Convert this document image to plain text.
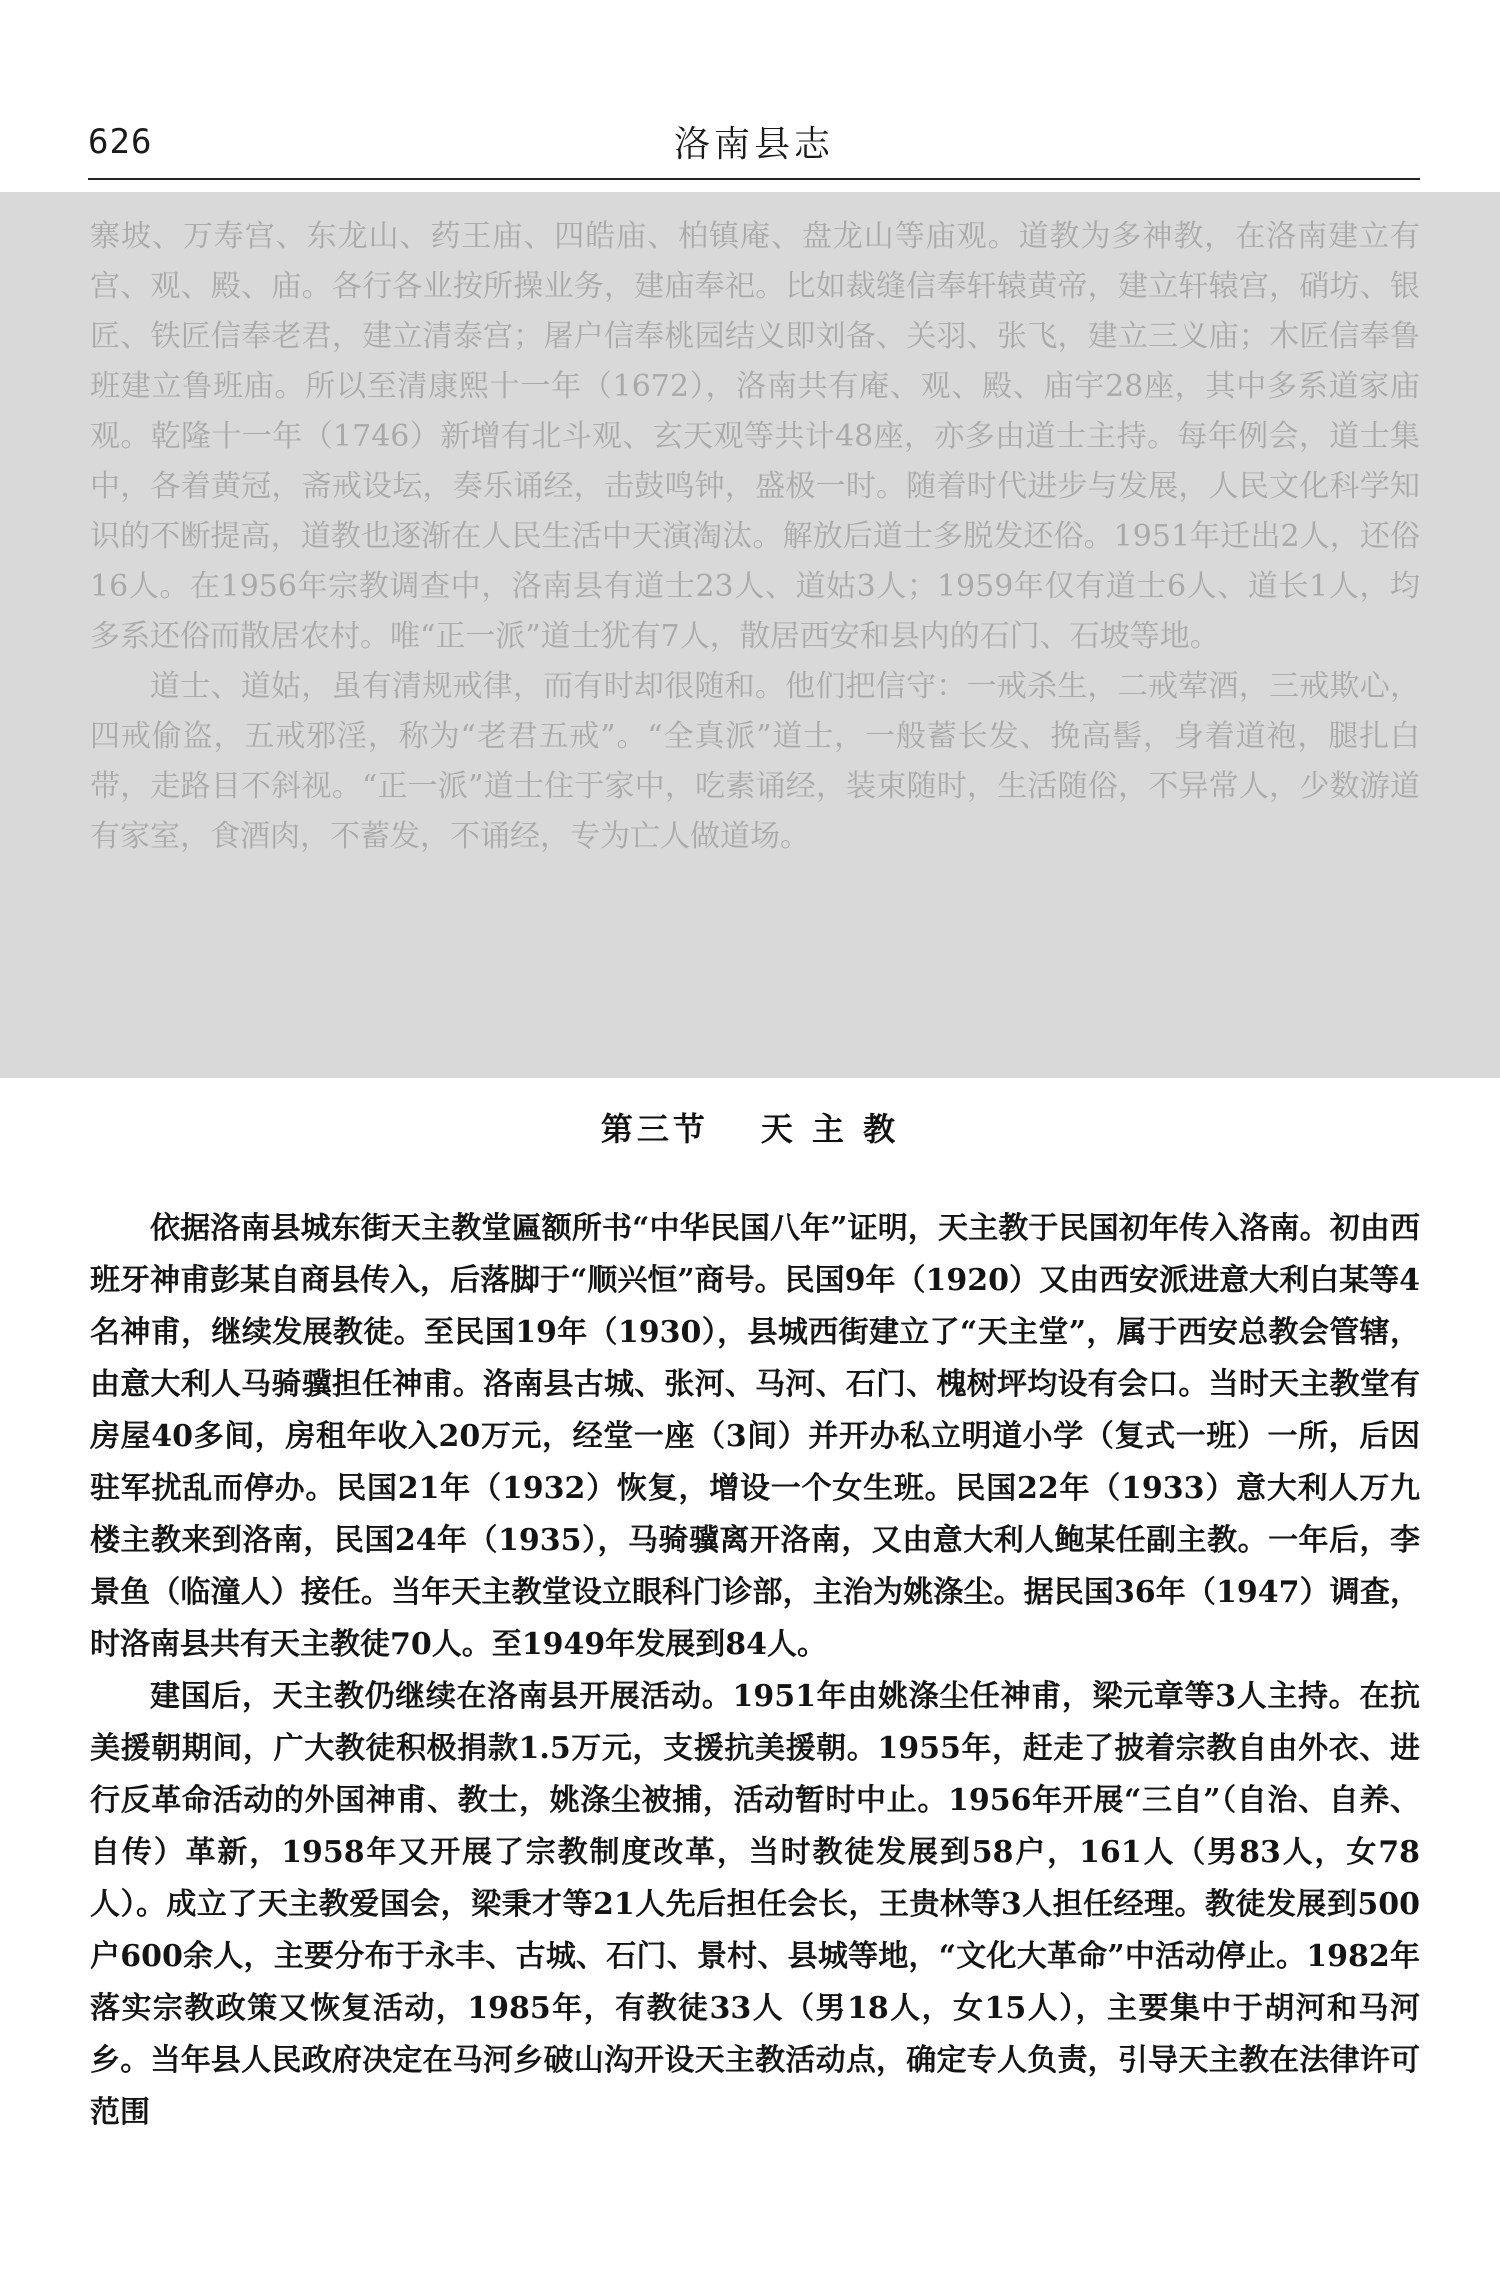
626	洛南县志

寨坡、万寿宫、东龙山、药王庙、四皓庙、柏镇庵、盘龙山等庙观。道教为多神教，在洛南建立有宫、观、殿、庙。各行各业按所操业务，建庙奉祀。比如裁缝信奉轩辕黄帝，建立轩辕宫，硝坊、银匠、铁匠信奉老君，建立清泰宫；屠户信奉桃园结义即刘备、关羽、张飞，建立三义庙；木匠信奉鲁班建立鲁班庙。所以至清康熙十一年（1672），洛南共有庵、观、殿、庙宇28座，其中多系道家庙观。乾隆十一年（1746）新增有北斗观、玄天观等共计48座，亦多由道士主持。每年例会，道士集中，各着黄冠，斋戒设坛，奏乐诵经，击鼓鸣钟，盛极一时。随着时代进步与发展，人民文化科学知识的不断提高，道教也逐渐在人民生活中天演淘汰。解放后道士多脱发还俗。1951年迁出2人，还俗16人。在1956年宗教调查中，洛南县有道士23人、道姑3人；1959年仅有道士6人、道长1人，均多系还俗而散居农村。唯“正一派”道士犹有7人，散居西安和县内的石门、石坡等地。

道士、道姑，虽有清规戒律，而有时却很随和。他们把信守：一戒杀生，二戒荤酒，三戒欺心，四戒偷盗，五戒邪淫，称为“老君五戒”。“全真派”道士，一般蓄长发、挽高髻，身着道袍，腿扎白带，走路目不斜视。“正一派”道士住于家中，吃素诵经，装束随时，生活随俗，不异常人，少数游道有家室，食酒肉，不蓄发，不诵经，专为亡人做道场。

第三节 天 主 教

依据洛南县城东街天主教堂匾额所书“中华民国八年”证明，天主教于民国初年传入洛南。初由西班牙神甫彭某自商县传入，后落脚于“顺兴恒”商号。民国9年（1920）又由西安派进意大利白某等4名神甫，继续发展教徒。至民国19年（1930），县城西街建立了“天主堂”，属于西安总教会管辖，由意大利人马骑骥担任神甫。洛南县古城、张河、马河、石门、槐树坪均设有会口。当时天主教堂有房屋40多间，房租年收入20万元，经堂一座（3间）并开办私立明道小学（复式一班）一所，后因驻军扰乱而停办。民国21年（1932）恢复，增设一个女生班。民国22年（1933）意大利人万九楼主教来到洛南，民国24年（1935），马骑骥离开洛南，又由意大利人鲍某任副主教。一年后，李景鱼（临潼人）接任。当年天主教堂设立眼科门诊部，主治为姚涤尘。据民国36年（1947）调查，时洛南县共有天主教徒70人。至1949年发展到84人。

建国后，天主教仍继续在洛南县开展活动。1951年由姚涤尘任神甫，梁元章等3人主持。在抗美援朝期间，广大教徒积极捐款1.5万元，支援抗美援朝。1955年，赶走了披着宗教自由外衣、进行反革命活动的外国神甫、教士，姚涤尘被捕，活动暂时中止。1956年开展“三自”（自治、自养、自传）革新，1958年又开展了宗教制度改革，当时教徒发展到58户，161人（男83人，女78人）。成立了天主教爱国会，梁秉才等21人先后担任会长，王贵林等3人担任经理。教徒发展到500户600余人，主要分布于永丰、古城、石门、景村、县城等地，“文化大革命”中活动停止。1982年落实宗教政策又恢复活动，1985年，有教徒33人（男18人，女15人），主要集中于胡河和马河乡。当年县人民政府决定在马河乡破山沟开设天主教活动点，确定专人负责，引导天主教在法律许可范围
